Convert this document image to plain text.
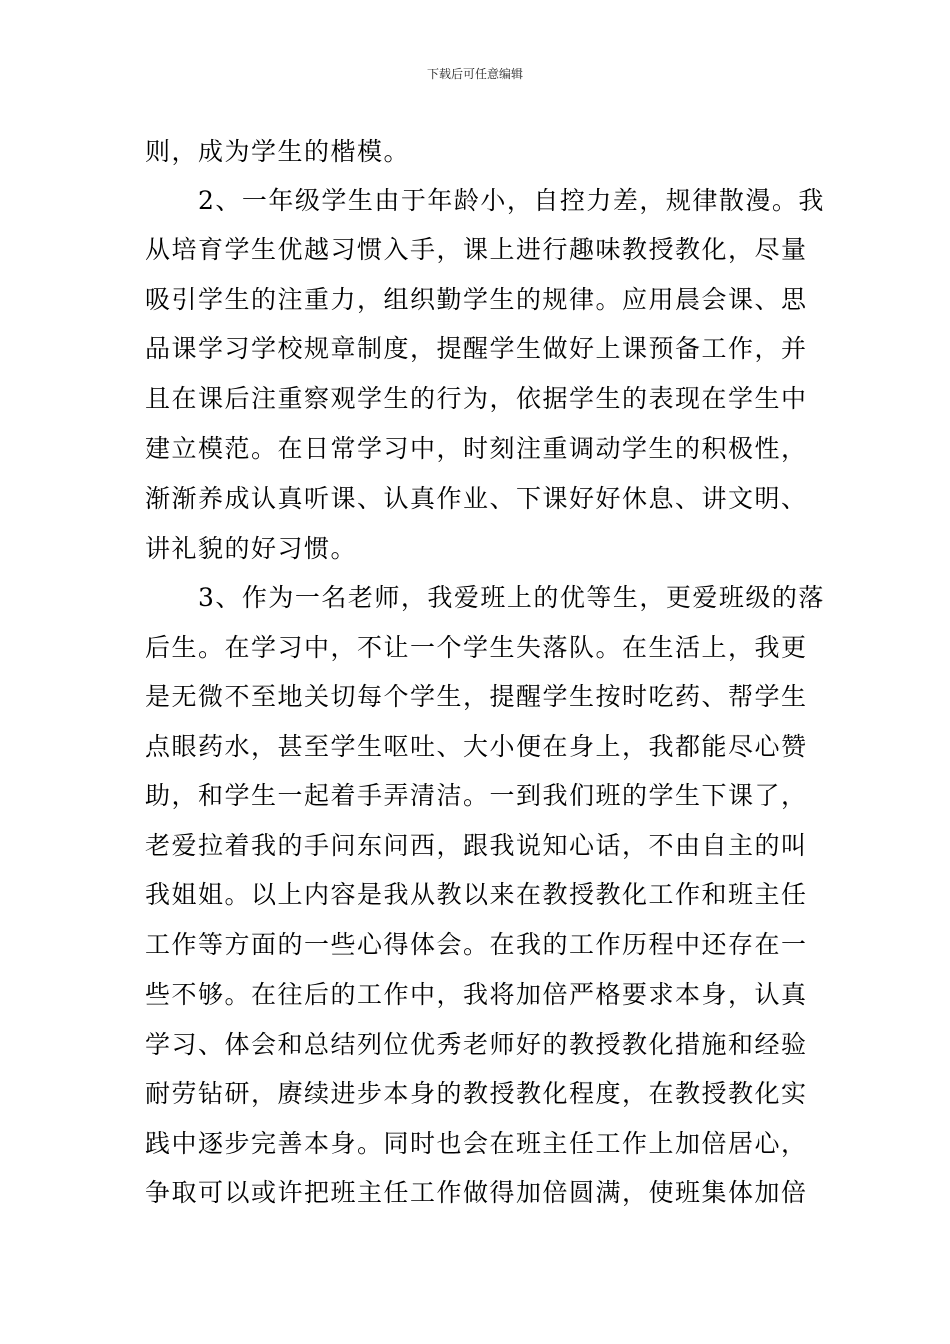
下载后可任意编辑
则，成为学生的楷模。
　　2、一年级学生由于年龄小，自控力差，规律散漫。我
从培育学生优越习惯入手，课上进行趣味教授教化，尽量
吸引学生的注重力，组织勤学生的规律。应用晨会课、思
品课学习学校规章制度，提醒学生做好上课预备工作，并
且在课后注重察观学生的行为，依据学生的表现在学生中
建立模范。在日常学习中，时刻注重调动学生的积极性，
渐渐养成认真听课、认真作业、下课好好休息、讲文明、
讲礼貌的好习惯。
　　3、作为一名老师，我爱班上的优等生，更爱班级的落
后生。在学习中，不让一个学生失落队。在生活上，我更
是无微不至地关切每个学生，提醒学生按时吃药、帮学生
点眼药水，甚至学生呕吐、大小便在身上，我都能尽心赞
助，和学生一起着手弄清洁。一到我们班的学生下课了，
老爱拉着我的手问东问西，跟我说知心话，不由自主的叫
我姐姐。以上内容是我从教以来在教授教化工作和班主任
工作等方面的一些心得体会。在我的工作历程中还存在一
些不够。在往后的工作中，我将加倍严格要求本身，认真
学习、体会和总结列位优秀老师好的教授教化措施和经验
耐劳钻研，赓续进步本身的教授教化程度，在教授教化实
践中逐步完善本身。同时也会在班主任工作上加倍居心，
争取可以或许把班主任工作做得加倍圆满，使班集体加倍
